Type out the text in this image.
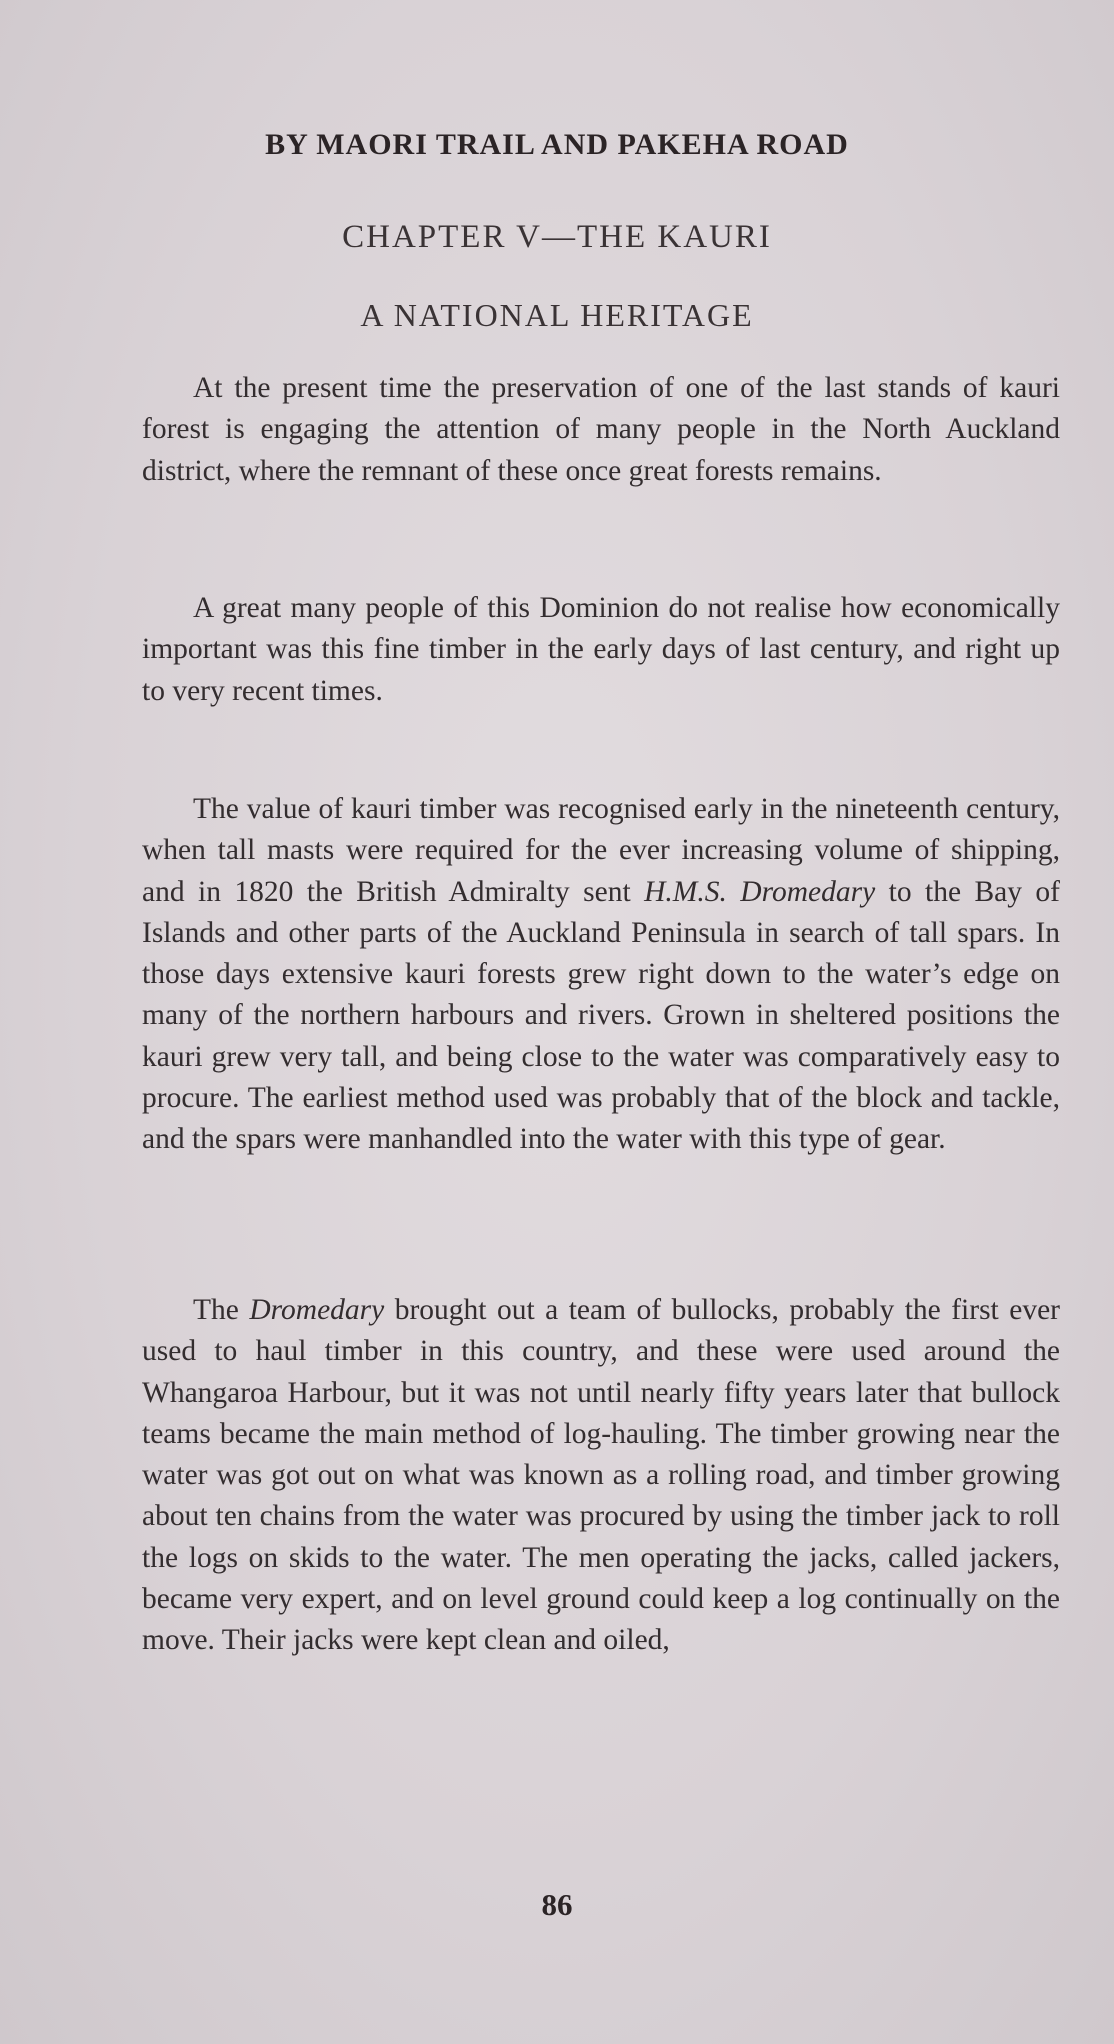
BY MAORI TRAIL AND PAKEHA ROAD
CHAPTER V—THE KAURI
A NATIONAL HERITAGE

At the present time the preservation of one of the last stands of kauri forest is engaging the attention of many people in the North Auckland district, where the remnant of these once great forests remains.

A great many people of this Dominion do not realise how economically important was this fine timber in the early days of last century, and right up to very recent times.

The value of kauri timber was recognised early in the nineteenth century, when tall masts were required for the ever increasing volume of shipping, and in 1820 the British Admiralty sent H.M.S. Dromedary to the Bay of Islands and other parts of the Auckland Peninsula in search of tall spars. In those days extensive kauri forests grew right down to the water’s edge on many of the northern harbours and rivers. Grown in sheltered positions the kauri grew very tall, and being close to the water was comparatively easy to procure. The earliest method used was probably that of the block and tackle, and the spars were manhandled into the water with this type of gear.

The Dromedary brought out a team of bullocks, probably the first ever used to haul timber in this country, and these were used around the Whangaroa Harbour, but it was not until nearly fifty years later that bullock teams became the main method of log-hauling. The timber growing near the water was got out on what was known as a rolling road, and timber growing about ten chains from the water was procured by using the timber jack to roll the logs on skids to the water. The men operating the jacks, called jackers, became very expert, and on level ground could keep a log continually on the move. Their jacks were kept clean and oiled,

86
